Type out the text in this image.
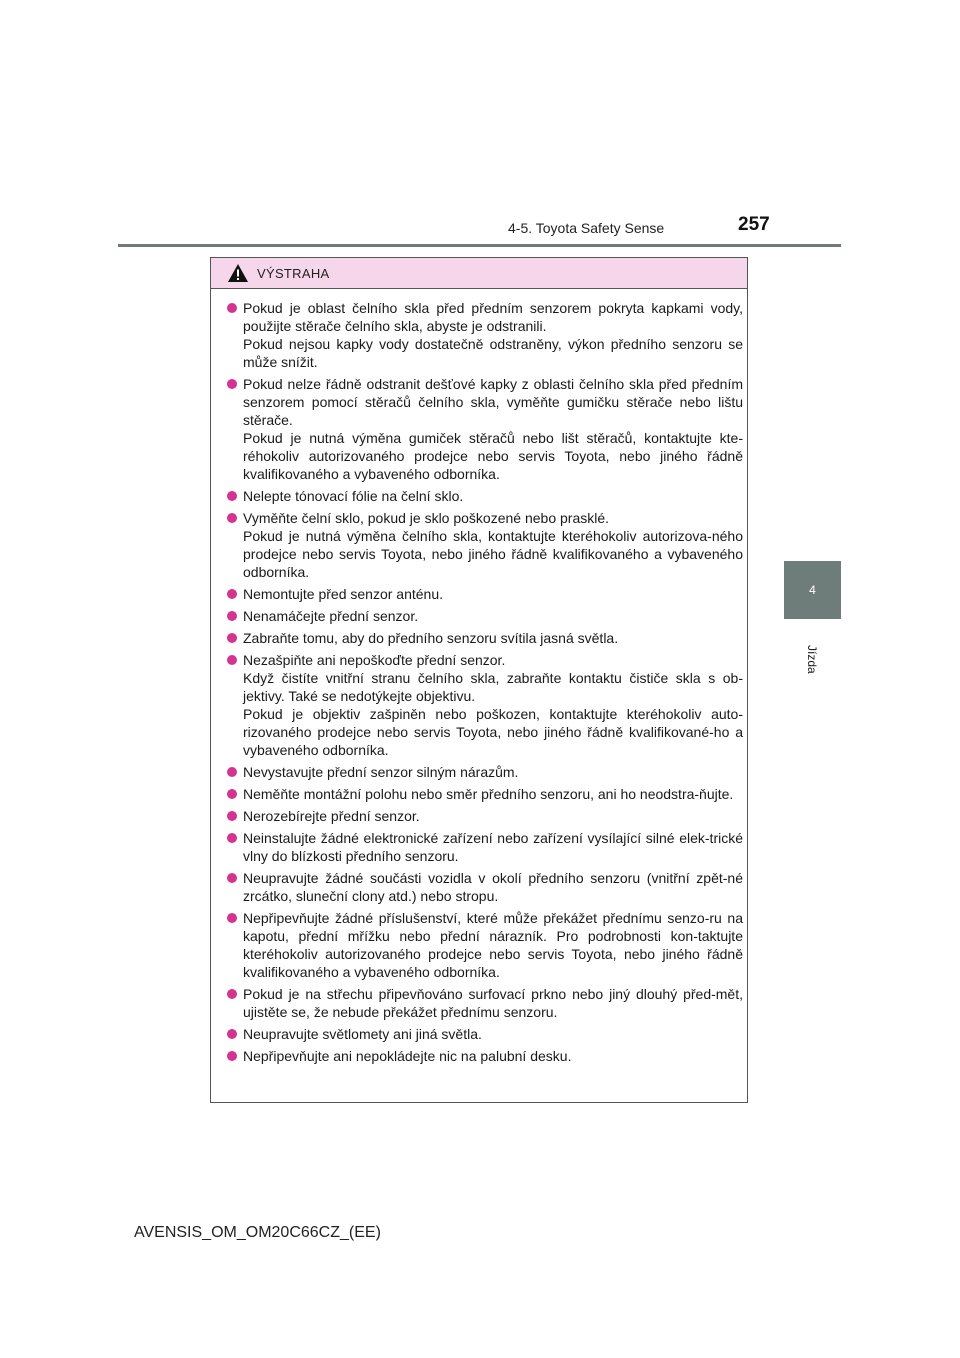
4-5. Toyota Safety Sense	257
4
Jízda
VÝSTRAHA
Pokud je oblast čelního skla před předním senzorem pokryta kapkami vody, použijte stěrače čelního skla, abyste je odstranili.
Pokud nejsou kapky vody dostatečně odstraněny, výkon předního senzoru se může snížit.
Pokud nelze řádně odstranit dešťové kapky z oblasti čelního skla před předním senzorem pomocí stěračů čelního skla, vyměňte gumičku stěrače nebo lištu stěrače.
Pokud je nutná výměna gumiček stěračů nebo lišt stěračů, kontaktujte kte-réhokoliv autorizovaného prodejce nebo servis Toyota, nebo jiného řádně kvalifikovaného a vybaveného odborníka.
Nelepte tónovací fólie na čelní sklo.
Vyměňte čelní sklo, pokud je sklo poškozené nebo prasklé.
Pokud je nutná výměna čelního skla, kontaktujte kteréhokoliv autorizova-ného prodejce nebo servis Toyota, nebo jiného řádně kvalifikovaného a vybaveného odborníka.
Nemontujte před senzor anténu.
Nenamáčejte přední senzor.
Zabraňte tomu, aby do předního senzoru svítila jasná světla.
Nezašpiňte ani nepoškoďte přední senzor.
Když čistíte vnitřní stranu čelního skla, zabraňte kontaktu čističe skla s ob-jektivy. Také se nedotýkejte objektivu.
Pokud je objektiv zašpiněn nebo poškozen, kontaktujte kteréhokoliv auto-rizovaného prodejce nebo servis Toyota, nebo jiného řádně kvalifikované-ho a vybaveného odborníka.
Nevystavujte přední senzor silným nárazům.
Neměňte montážní polohu nebo směr předního senzoru, ani ho neodstra-ňujte.
Nerozebírejte přední senzor.
Neinstalujte žádné elektronické zařízení nebo zařízení vysílající silné elek-trické vlny do blízkosti předního senzoru.
Neupravujte žádné součásti vozidla v okolí předního senzoru (vnitřní zpět-né zrcátko, sluneční clony atd.) nebo stropu.
Nepřipevňujte žádné příslušenství, které může překážet přednímu senzo-ru na kapotu, přední mřížku nebo přední nárazník. Pro podrobnosti kon-taktujte kteréhokoliv autorizovaného prodejce nebo servis Toyota, nebo jiného řádně kvalifikovaného a vybaveného odborníka.
Pokud je na střechu připevňováno surfovací prkno nebo jiný dlouhý před-mět, ujistěte se, že nebude překážet přednímu senzoru.
Neupravujte světlomety ani jiná světla.
Nepřipevňujte ani nepokládejte nic na palubní desku.
AVENSIS_OM_OM20C66CZ_(EE)
